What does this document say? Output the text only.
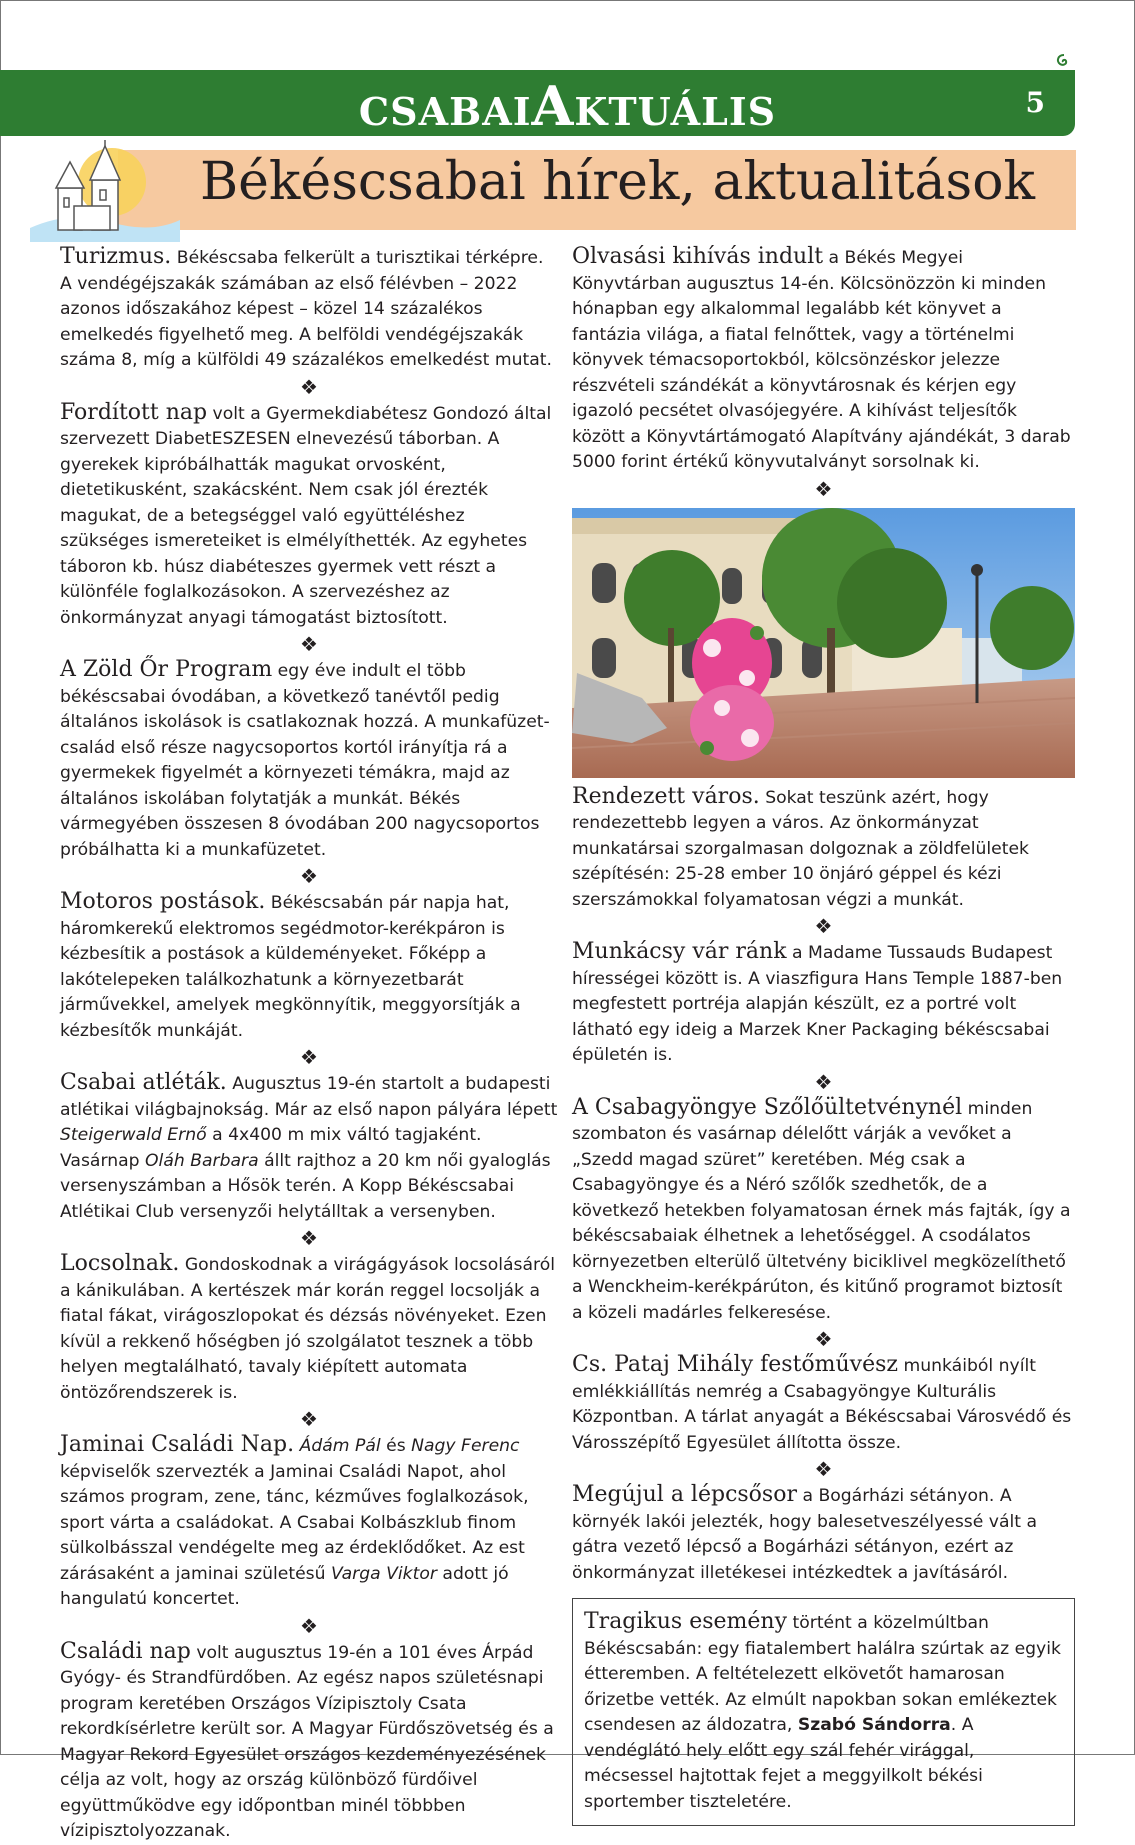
CSABAIAKTUÁLIS	5
Békéscsabai hírek, aktualitások

Turizmus. Békéscsaba felkerült a turisztikai térképre. A vendégéjszakák számában az első félévben – 2022 azonos időszakához képest – közel 14 százalékos emelkedés figyelhető meg. A belföldi vendégéjszakák száma 8, míg a külföldi 49 százalékos emelkedést mutat.

❖

Fordított nap volt a Gyermekdiabétesz Gondozó által szervezett DiabetESZESEN elnevezésű táborban. A gyerekek kipróbálhatták magukat orvosként, dietetikusként, szakácsként. Nem csak jól érezték magukat, de a betegséggel való együttéléshez szükséges ismereteiket is elmélyíthették. Az egyhetes táboron kb. húsz diabéteszes gyermek vett részt a különféle foglalkozásokon. A szervezéshez az önkormányzat anyagi támogatást biztosított.

❖

A Zöld Őr Program egy éve indult el több békéscsabai óvodában, a következő tanévtől pedig általános iskolások is csatlakoznak hozzá. A munkafüzet-család első része nagycsoportos kortól irányítja rá a gyermekek figyelmét a környezeti témákra, majd az általános iskolában folytatják a munkát. Békés vármegyében összesen 8 óvodában 200 nagycsoportos próbálhatta ki a munkafüzetet.

❖

Motoros postások. Békéscsabán pár napja hat, háromkerekű elektromos segédmotor-kerékpáron is kézbesítik a postások a küldeményeket. Főképp a lakótelepeken találkozhatunk a környezetbarát járművekkel, amelyek megkönnyítik, meggyorsítják a kézbesítők munkáját.

❖

Csabai atléták. Augusztus 19-én startolt a budapesti atlétikai világbajnokság. Már az első napon pályára lépett Steigerwald Ernő a 4x400 m mix váltó tagjaként. Vasárnap Oláh Barbara állt rajthoz a 20 km női gyaloglás versenyszámban a Hősök terén. A Kopp Békéscsabai Atlétikai Club versenyzői helytálltak a versenyben.

❖

Locsolnak. Gondoskodnak a virágágyások locsolásáról a kánikulában. A kertészek már korán reggel locsolják a fiatal fákat, virágoszlopokat és dézsás növényeket. Ezen kívül a rekkenő hőségben jó szolgálatot tesznek a több helyen megtalálható, tavaly kiépített automata öntözőrendszerek is.

❖

Jaminai Családi Nap. Ádám Pál és Nagy Ferenc képviselők szervezték a Jaminai Családi Napot, ahol számos program, zene, tánc, kézműves foglalkozások, sport várta a családokat. A Csabai Kolbászklub finom sülkolbásszal vendégelte meg az érdeklődőket. Az est zárásaként a jaminai születésű Varga Viktor adott jó hangulatú koncertet.

❖

Családi nap volt augusztus 19-én a 101 éves Árpád Gyógy- és Strandfürdőben. Az egész napos születésnapi program keretében Országos Vízipisztoly Csata rekordkísérletre került sor. A Magyar Fürdőszövetség és a Magyar Rekord Egyesület országos kezdeményezésének célja az volt, hogy az ország különböző fürdőivel együttműködve egy időpontban minél többben vízipisztolyozzanak.

Olvasási kihívás indult a Békés Megyei Könyvtárban augusztus 14-én. Kölcsönözzön ki minden hónapban egy alkalommal legalább két könyvet a fantázia világa, a fiatal felnőttek, vagy a történelmi könyvek témacsoportokból, kölcsönzéskor jelezze részvételi szándékát a könyvtárosnak és kérjen egy igazoló pecsétet olvasójegyére. A kihívást teljesítők között a Könyvtártámogató Alapítvány ajándékát, 3 darab 5000 forint értékű könyvutalványt sorsolnak ki.

❖

Rendezett város. Sokat teszünk azért, hogy rendezettebb legyen a város. Az önkormányzat munkatársai szorgalmasan dolgoznak a zöldfelületek szépítésén: 25-28 ember 10 önjáró géppel és kézi szerszámokkal folyamatosan végzi a munkát.

❖

Munkácsy vár ránk a Madame Tussauds Budapest hírességei között is. A viaszfigura Hans Temple 1887-ben megfestett portréja alapján készült, ez a portré volt látható egy ideig a Marzek Kner Packaging békéscsabai épületén is.

❖

A Csabagyöngye Szőlőültetvénynél minden szombaton és vasárnap délelőtt várják a vevőket a „Szedd magad szüret” keretében. Még csak a Csabagyöngye és a Néró szőlők szedhetők, de a következő hetekben folyamatosan érnek más fajták, így a békéscsabaiak élhetnek a lehetőséggel. A csodálatos környezetben elterülő ültetvény biciklivel megközelíthető a Wenckheim-kerékpárúton, és kitűnő programot biztosít a közeli madárles felkeresése.

❖

Cs. Pataj Mihály festőművész munkáiból nyílt emlékkiállítás nemrég a Csabagyöngye Kulturális Központban. A tárlat anyagát a Békéscsabai Városvédő és Városszépítő Egyesület állította össze.

❖

Megújul a lépcsősor a Bogárházi sétányon. A környék lakói jelezték, hogy balesetveszélyessé vált a gátra vezető lépcső a Bogárházi sétányon, ezért az önkormányzat illetékesei intézkedtek a javításáról.

Tragikus esemény történt a közelmúltban Békéscsabán: egy fiatalembert halálra szúrtak az egyik étteremben. A feltételezett elkövetőt hamarosan őrizetbe vették. Az elmúlt napokban sokan emlékeztek csendesen az áldozatra, Szabó Sándorra. A vendéglátó hely előtt egy szál fehér virággal, mécsessel hajtottak fejet a meggyilkolt békési sportember tiszteletére.
